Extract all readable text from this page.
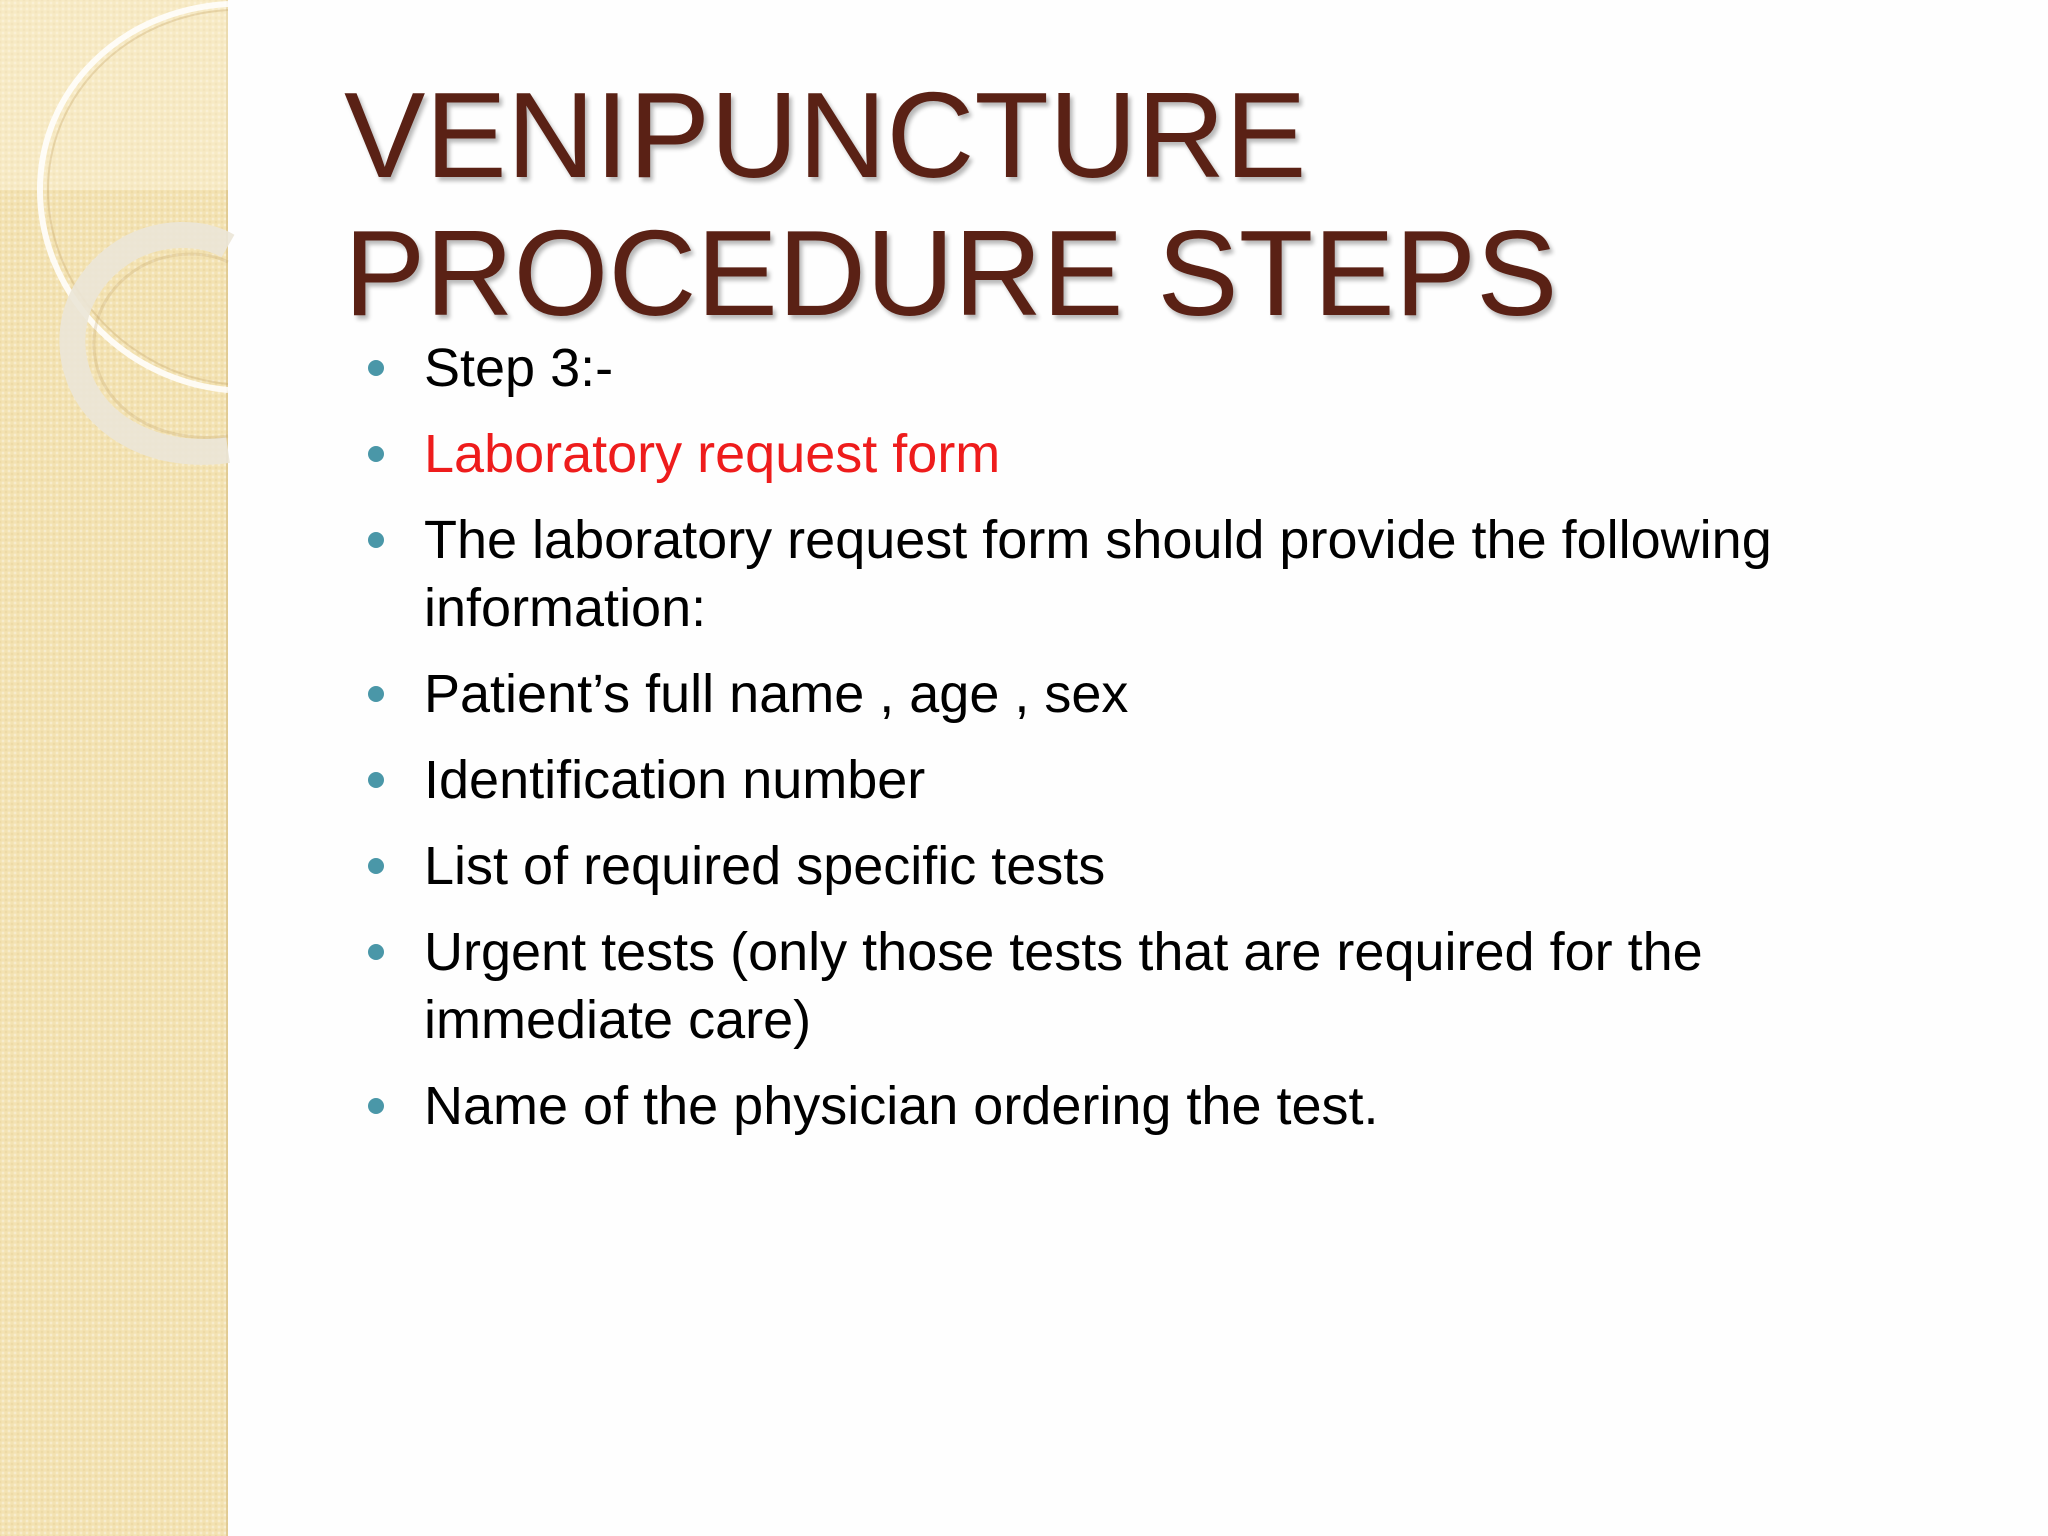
VENIPUNCTURE
PROCEDURE STEPS
Step 3:-
Laboratory request form
The laboratory request form should provide the following information:
Patient’s full name , age , sex
Identification number
List of required specific tests
Urgent tests (only those tests that are required for the immediate care)
Name of the physician ordering the test.
